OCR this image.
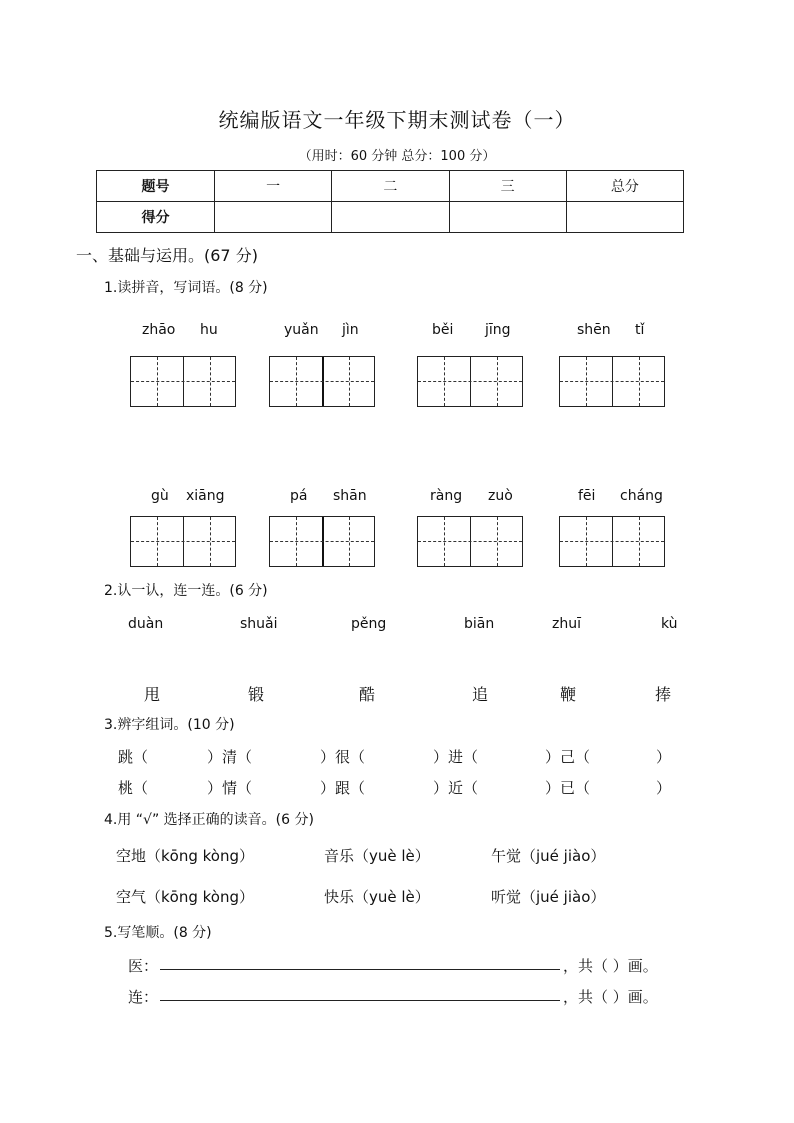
统编版语文一年级下期末测试卷（一）
（用时：60 分钟 总分：100 分）
题号	一	二	三	总分
得分				
一、基础与运用。(67 分)
1.读拼音，写词语。(8 分)
zhāo hu	yuǎn jìn	běi jīng	shēn tǐ
gù xiāng	pá shān	ràng zuò	fēi cháng
2.认一认，连一连。(6 分)
duàn	shuǎi	pěng	biān	zhuī	kù
甩	锻	酷	追	鞭	捧
3.辨字组词。(10 分)
跳（	）清（	）很（	）进（	）己（	）
桃（	）情（	）跟（	）近（	）已（	）
4.用 “√” 选择正确的读音。(6 分)
空地（kōng kòng）	音乐（yuè lè）	午觉（jué jiào）
空气（kōng kòng）	快乐（yuè lè）	听觉（jué jiào）
5.写笔顺。(8 分)
医：	，共（ ）画。
连：	，共（ ）画。
